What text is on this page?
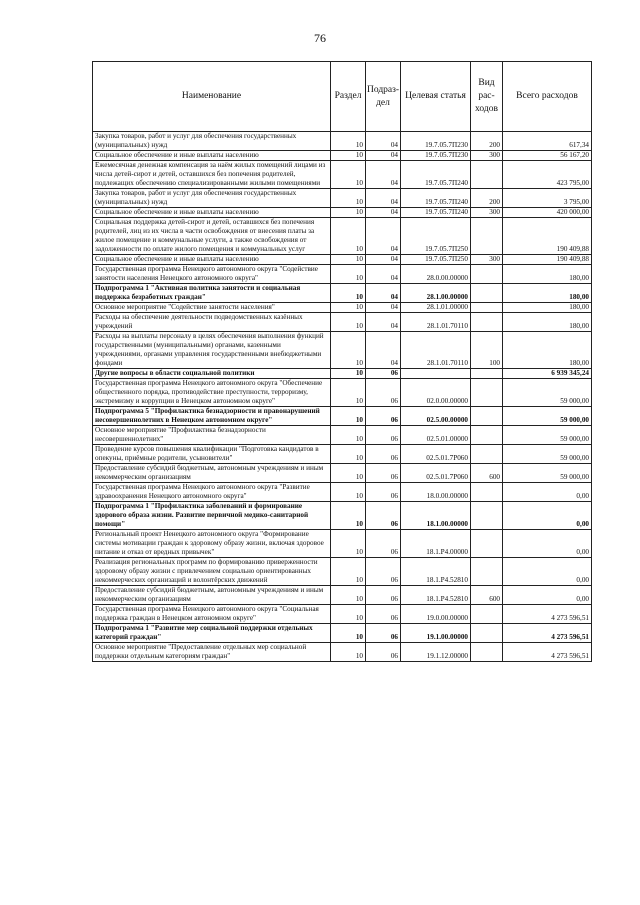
76
Наименование	Раздел	Подраз-дел	Целевая статья	Вид рас-ходов	Всего расходов
Закупка товаров, работ и услуг для обеспечения государственных (муниципальных) нужд	10	04	19.7.05.7П230	200	617,34
Социальное обеспечение и иные выплаты населению	10	04	19.7.05.7П230	300	56 167,20
Ежемесячная денежная компенсация за наём жилых помещений лицами из числа детей-сирот и детей, оставшихся без попечения родителей, подлежащих обеспечению специализированными жилыми помещениями	10	04	19.7.05.7П240		423 795,00
Закупка товаров, работ и услуг для обеспечения государственных (муниципальных) нужд	10	04	19.7.05.7П240	200	3 795,00
Социальное обеспечение и иные выплаты населению	10	04	19.7.05.7П240	300	420 000,00
Социальная поддержка детей-сирот и детей, оставшихся без попечения родителей, лиц из их числа в части освобождения от внесения платы за жилое помещение и коммунальные услуги, а также освобождения от задолженности по оплате жилого помещения и коммунальных услуг	10	04	19.7.05.7П250		190 409,88
Социальное обеспечение и иные выплаты населению	10	04	19.7.05.7П250	300	190 409,88
Государственная программа Ненецкого автономного округа "Содействие занятости населения Ненецкого автономного округа"	10	04	28.0.00.00000		180,00
Подпрограмма 1 "Активная политика занятости и социальная поддержка безработных граждан"	10	04	28.1.00.00000		180,00
Основное мероприятие "Содействие занятости населения"	10	04	28.1.01.00000		180,00
Расходы на обеспечение деятельности подведомственных казённых учреждений	10	04	28.1.01.70110		180,00
Расходы на выплаты персоналу в целях обеспечения выполнения функций государственными (муниципальными) органами, казенными учреждениями, органами управления государственными внебюджетными фондами	10	04	28.1.01.70110	100	180,00
Другие вопросы в области социальной политики	10	06			6 939 345,24
Государственная программа Ненецкого автономного округа "Обеспечение общественного порядка, противодействие преступности, терроризму, экстремизму и коррупции в Ненецком автономном округе"	10	06	02.0.00.00000		59 000,00
Подпрограмма 5 "Профилактика безнадзорности и правонарушений несовершеннолетних в Ненецком автономном округе"	10	06	02.5.00.00000		59 000,00
Основное мероприятие "Профилактика безнадзорности несовершеннолетних"	10	06	02.5.01.00000		59 000,00
Проведение курсов повышения квалификации "Подготовка кандидатов в опекуны, приёмные родители, усыновители"	10	06	02.5.01.7Р060		59 000,00
Предоставление субсидий бюджетным, автономным учреждениям и иным некоммерческим организациям	10	06	02.5.01.7Р060	600	59 000,00
Государственная программа Ненецкого автономного округа "Развитие здравоохранения Ненецкого автономного округа"	10	06	18.0.00.00000		0,00
Подпрограмма 1 "Профилактика заболеваний и формирование здорового образа жизни. Развитие первичной медико-санитарной помощи"	10	06	18.1.00.00000		0,00
Региональный проект Ненецкого автономного округа "Формирование системы мотивации граждан к здоровому образу жизни, включая здоровое питание и отказ от вредных привычек"	10	06	18.1.Р4.00000		0,00
Реализация региональных программ по формированию приверженности здоровому образу жизни с привлечением социально ориентированных некоммерческих организаций и волонтёрских движений	10	06	18.1.Р4.52810		0,00
Предоставление субсидий бюджетным, автономным учреждениям и иным некоммерческим организациям	10	06	18.1.Р4.52810	600	0,00
Государственная программа Ненецкого автономного округа "Социальная поддержка граждан в Ненецком автономном округе"	10	06	19.0.00.00000		4 273 596,51
Подпрограмма 1 "Развитие мер социальной поддержки отдельных категорий граждан"	10	06	19.1.00.00000		4 273 596,51
Основное мероприятие "Предоставление отдельных мер социальной поддержки отдельным категориям граждан"	10	06	19.1.12.00000		4 273 596,51
